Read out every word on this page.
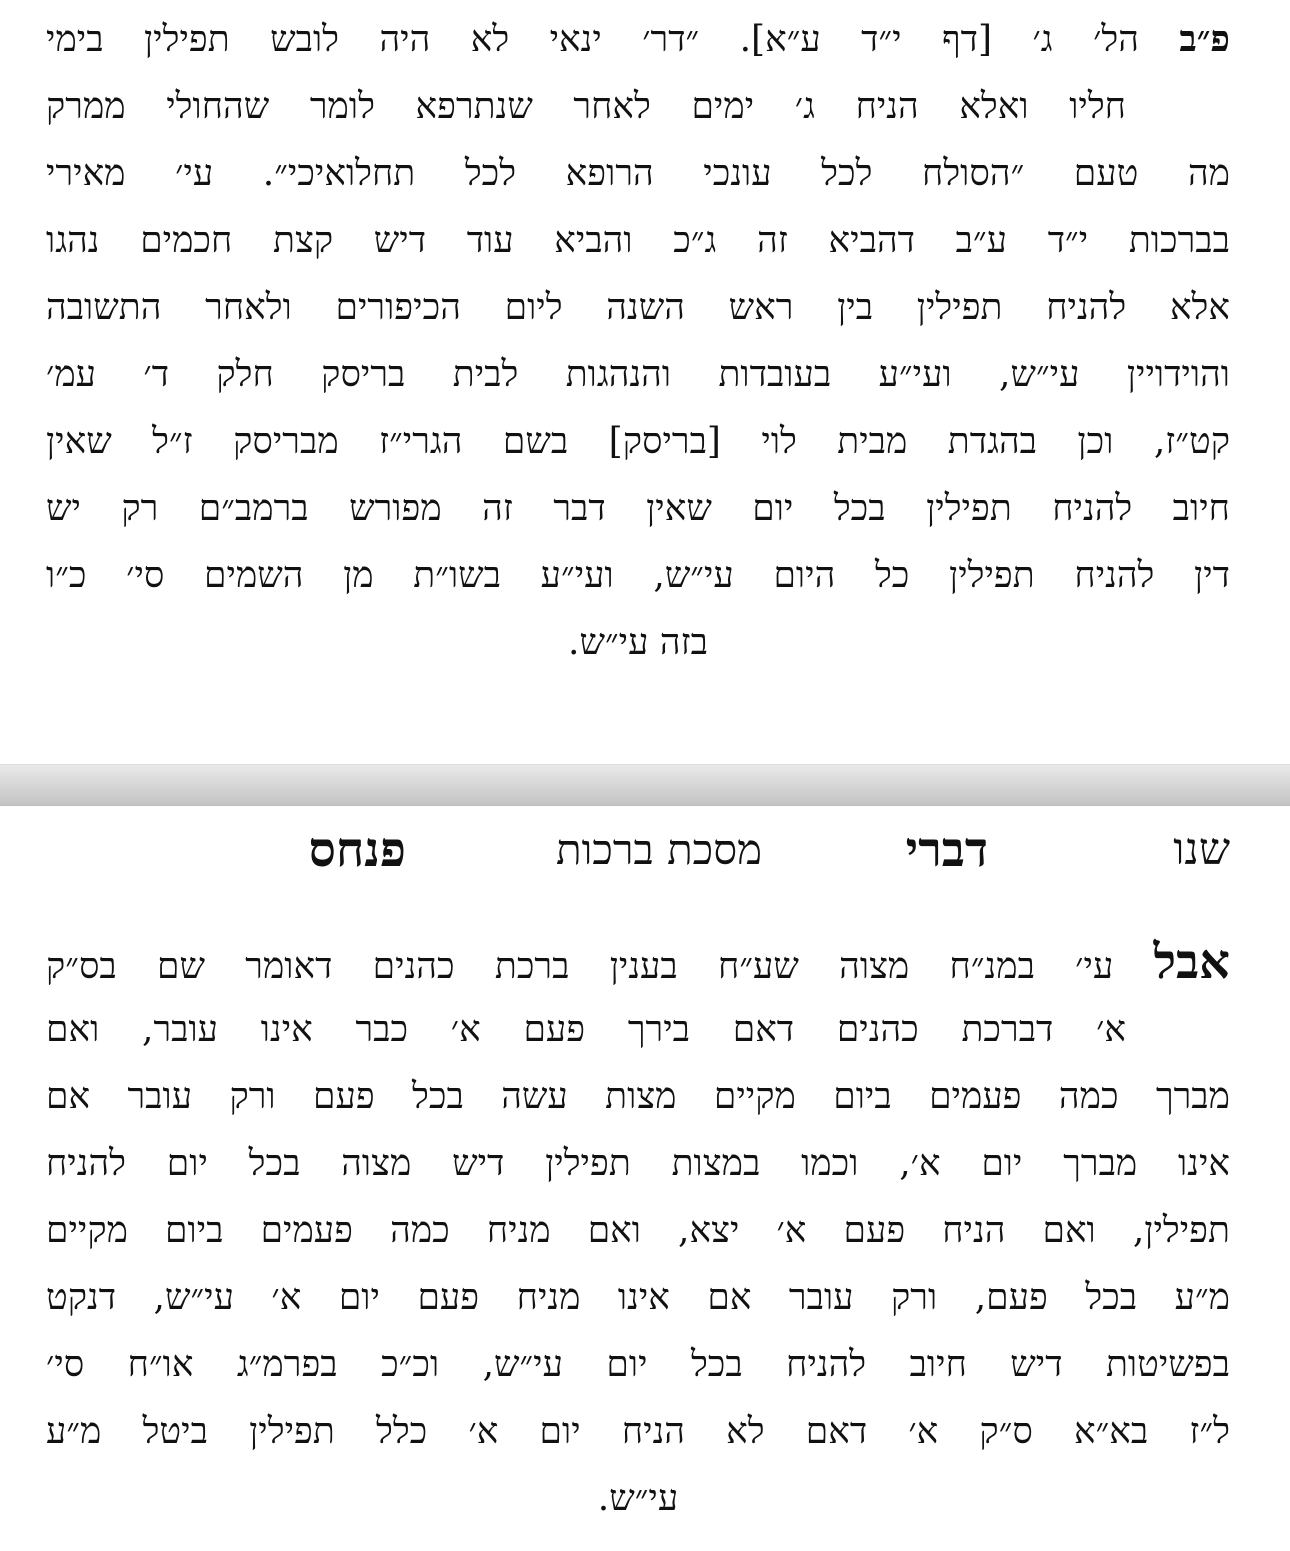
פ״ב הל׳ ג׳ [דף י״ד ע״א]. ״דר׳ ינאי לא היה לובש תפילין בימי
חליו ואלא הניח ג׳ ימים לאחר שנתרפא לומר שהחולי ממרק
מה טעם ״הסולח לכל עונכי הרופא לכל תחלואיכי״. עי׳ מאירי
בברכות י״ד ע״ב דהביא זה ג״כ והביא עוד דיש קצת חכמים נהגו
אלא להניח תפילין בין ראש השנה ליום הכיפורים ולאחר התשובה
והוידויין עי״ש, ועי״ע בעובדות והנהגות לבית בריסק חלק ד׳ עמ׳
קט״ז, וכן בהגדת מבית לוי [בריסק] בשם הגרי״ז מבריסק ז״ל שאין
חיוב להניח תפילין בכל יום שאין דבר זה מפורש ברמב״ם רק יש
דין להניח תפילין כל היום עי״ש, ועי״ע בשו״ת מן השמים סי׳ כ״ו
בזה עי״ש.
שנו
דברי
מסכת ברכות
פנחס
אבל עי׳ במנ״ח מצוה שע״ח בענין ברכת כהנים דאומר שם בס״ק
א׳ דברכת כהנים דאם בירך פעם א׳ כבר אינו עובר, ואם
מברך כמה פעמים ביום מקיים מצות עשה בכל פעם ורק עובר אם
אינו מברך יום א׳, וכמו במצות תפילין דיש מצוה בכל יום להניח
תפילין, ואם הניח פעם א׳ יצא, ואם מניח כמה פעמים ביום מקיים
מ״ע בכל פעם, ורק עובר אם אינו מניח פעם יום א׳ עי״ש, דנקט
בפשיטות דיש חיוב להניח בכל יום עי״ש, וכ״כ בפרמ״ג או״ח סי׳
ל״ז בא״א ס״ק א׳ דאם לא הניח יום א׳ כלל תפילין ביטל מ״ע
עי״ש.
